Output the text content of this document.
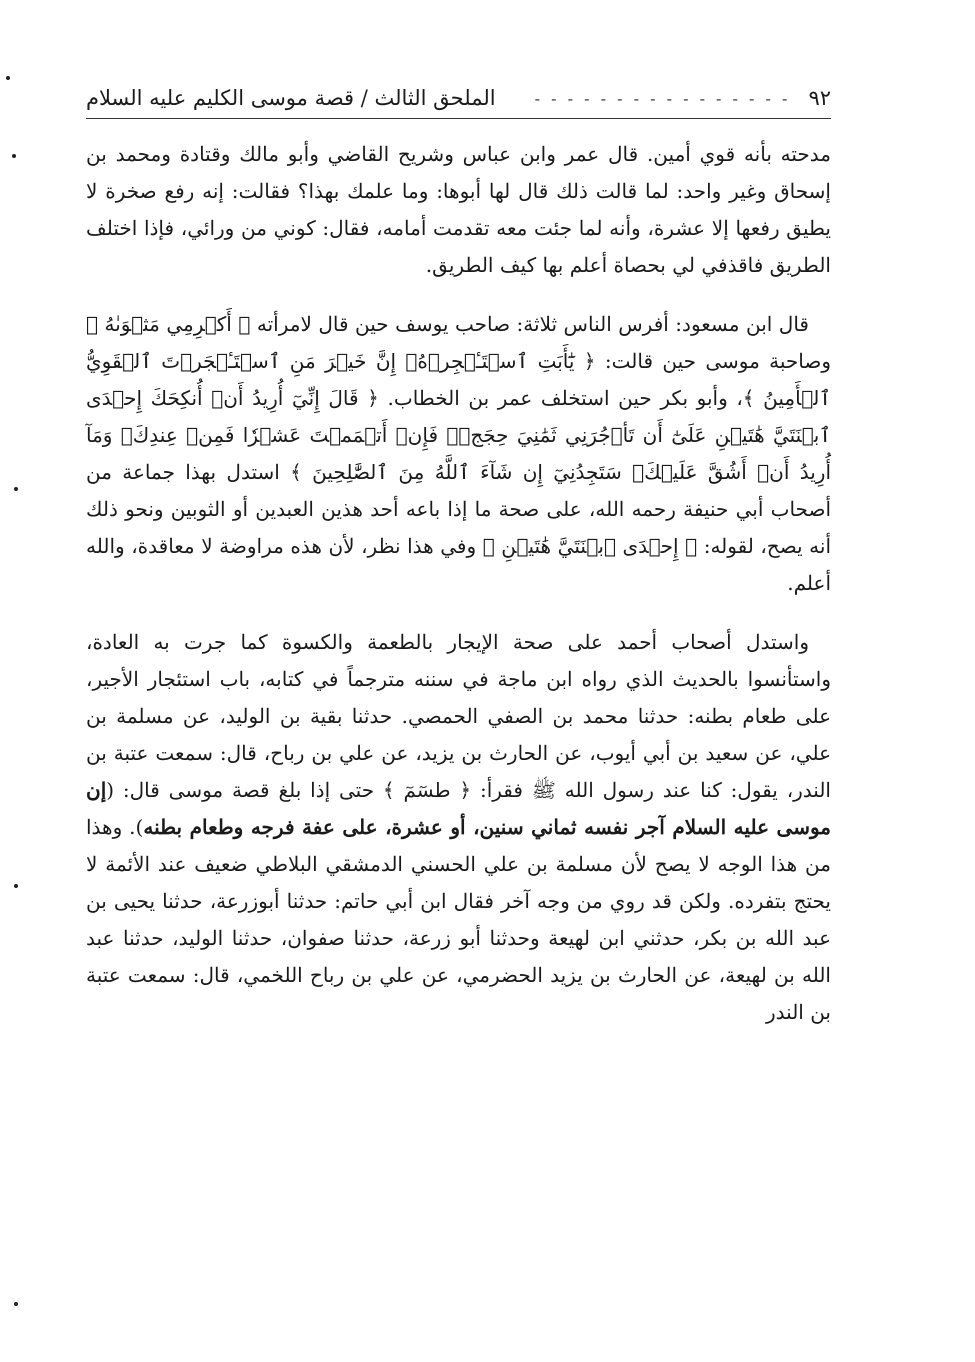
٩٢
- - - - - - - - - - - - - - - -
الملحق الثالث / قصة موسى الكليم عليه السلام

مدحته بأنه قوي أمين. قال عمر وابن عباس وشريح القاضي وأبو مالك وقتادة ومحمد بن إسحاق وغير واحد: لما قالت ذلك قال لها أبوها: وما علمك بهذا؟ فقالت: إنه رفع صخرة لا يطيق رفعها إلا عشرة، وأنه لما جئت معه تقدمت أمامه، فقال: كوني من ورائي، فإذا اختلف الطريق فاقذفي لي بحصاة أعلم بها كيف الطريق.

قال ابن مسعود: أفرس الناس ثلاثة: صاحب يوسف حين قال لامرأته ﴿ أَكۡرِمِي مَثۡوَىٰهُ ﴾ وصاحبة موسى حين قالت: ﴿ يَٰٓأَبَتِ ٱسۡتَـٔۡجِرۡهُۖ إِنَّ خَيۡرَ مَنِ ٱسۡتَـٔۡجَرۡتَ ٱلۡقَوِيُّ ٱلۡأَمِينُ ﴾، وأبو بكر حين استخلف عمر بن الخطاب. ﴿ قَالَ إِنِّيٓ أُرِيدُ أَنۡ أُنكِحَكَ إِحۡدَى ٱبۡنَتَيَّ هَٰتَيۡنِ عَلَىٰٓ أَن تَأۡجُرَنِي ثَمَٰنِيَ حِجَجٖۖ فَإِنۡ أَتۡمَمۡتَ عَشۡرٗا فَمِنۡ عِندِكَۖ وَمَآ أُرِيدُ أَنۡ أَشُقَّ عَلَيۡكَۚ سَتَجِدُنِيٓ إِن شَآءَ ٱللَّهُ مِنَ ٱلصَّٰلِحِينَ ﴾ استدل بهذا جماعة من أصحاب أبي حنيفة رحمه الله، على صحة ما إذا باعه أحد هذين العبدين أو الثوبين ونحو ذلك أنه يصح، لقوله: ﴿ إِحۡدَى ٱبۡنَتَيَّ هَٰتَيۡنِ ﴾ وفي هذا نظر، لأن هذه مراوضة لا معاقدة، والله أعلم.

واستدل أصحاب أحمد على صحة الإيجار بالطعمة والكسوة كما جرت به العادة، واستأنسوا بالحديث الذي رواه ابن ماجة في سننه مترجماً في كتابه، باب استئجار الأجير، على طعام بطنه: حدثنا محمد بن الصفي الحمصي. حدثنا بقية بن الوليد، عن مسلمة بن علي، عن سعيد بن أبي أيوب، عن الحارث بن يزيد، عن علي بن رباح، قال: سمعت عتبة بن الندر، يقول: كنا عند رسول الله ﷺ فقرأ: ﴿ طسٓمٓ ﴾ حتى إذا بلغ قصة موسى قال: (إن موسى عليه السلام آجر نفسه ثماني سنين، أو عشرة، على عفة فرجه وطعام بطنه). وهذا من هذا الوجه لا يصح لأن مسلمة بن علي الحسني الدمشقي البلاطي ضعيف عند الأئمة لا يحتج بتفرده. ولكن قد روي من وجه آخر فقال ابن أبي حاتم: حدثنا أبوزرعة، حدثنا يحيى بن عبد الله بن بكر، حدثني ابن لهيعة وحدثنا أبو زرعة، حدثنا صفوان، حدثنا الوليد، حدثنا عبد الله بن لهيعة، عن الحارث بن يزيد الحضرمي، عن علي بن رباح اللخمي، قال: سمعت عتبة بن الندر
